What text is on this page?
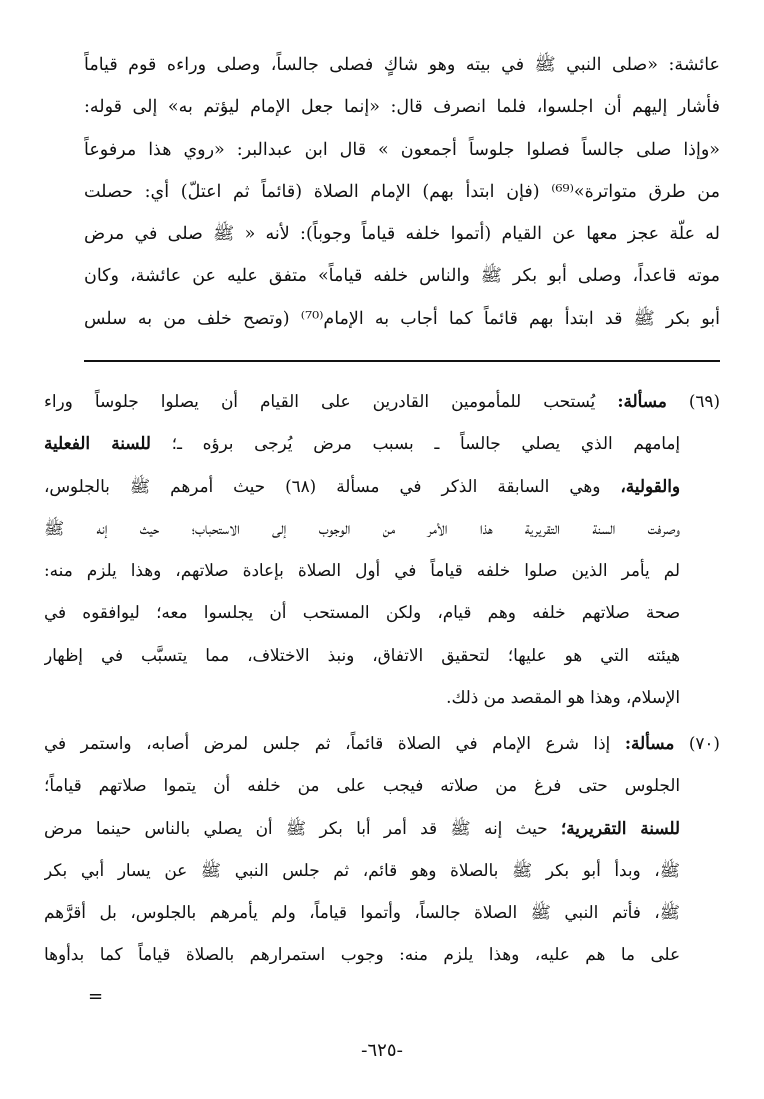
عائشة: «صلى النبي ﷺ في بيته وهو شاكٍ فصلى جالساً، وصلى وراءه قوم قياماً
فأشار إليهم أن اجلسوا، فلما انصرف قال: «إنما جعل الإمام ليؤتم به» إلى قوله:
«وإذا صلى جالساً فصلوا جلوساً أجمعون » قال ابن عبدالبر: «روي هذا مرفوعاً
من طرق متواترة»⁽⁶⁹⁾ (فإن ابتدأ بهم) الإمام الصلاة (قائماً ثم اعتلّ) أي: حصلت
له علّة عجز معها عن القيام (أتموا خلفه قياماً وجوباً): لأنه « ﷺ صلى في مرض
موته قاعداً، وصلى أبو بكر ﷺ والناس خلفه قياماً» متفق عليه عن عائشة، وكان
أبو بكر ﷺ قد ابتدأ بهم قائماً كما أجاب به الإمام⁽⁷⁰⁾ (وتصح خلف من به سلس
(٦٩) مسألة: يُستحب للمأمومين القادرين على القيام أن يصلوا جلوساً وراء
إمامهم الذي يصلي جالساً ـ بسبب مرض يُرجى برؤه ـ؛ للسنة الفعلية
والقولية، وهي السابقة الذكر في مسألة (٦٨) حيث أمرهم ﷺ بالجلوس،
وصرفت السنة التقريرية هذا الأمر من الوجوب إلى الاستحباب؛ حيث إنه ﷺ
لم يأمر الذين صلوا خلفه قياماً في أول الصلاة بإعادة صلاتهم، وهذا يلزم منه:
صحة صلاتهم خلفه وهم قيام، ولكن المستحب أن يجلسوا معه؛ ليوافقوه في
هيئته التي هو عليها؛ لتحقيق الاتفاق، ونبذ الاختلاف، مما يتسبَّب في إظهار
الإسلام، وهذا هو المقصد من ذلك.
(٧٠) مسألة: إذا شرع الإمام في الصلاة قائماً، ثم جلس لمرض أصابه، واستمر في
الجلوس حتى فرغ من صلاته فيجب على من خلفه أن يتموا صلاتهم قياماً؛
للسنة التقريرية؛ حيث إنه ﷺ قد أمر أبا بكر ﷺ أن يصلي بالناس حينما مرض
ﷺ، وبدأ أبو بكر ﷺ بالصلاة وهو قائم، ثم جلس النبي ﷺ عن يسار أبي بكر
ﷺ، فأتم النبي ﷺ الصلاة جالساً، وأتموا قياماً، ولم يأمرهم بالجلوس، بل أقرَّهم
على ما هم عليه، وهذا يلزم منه: وجوب استمرارهم بالصلاة قياماً كما بدأوها
=
-٦٢٥-
